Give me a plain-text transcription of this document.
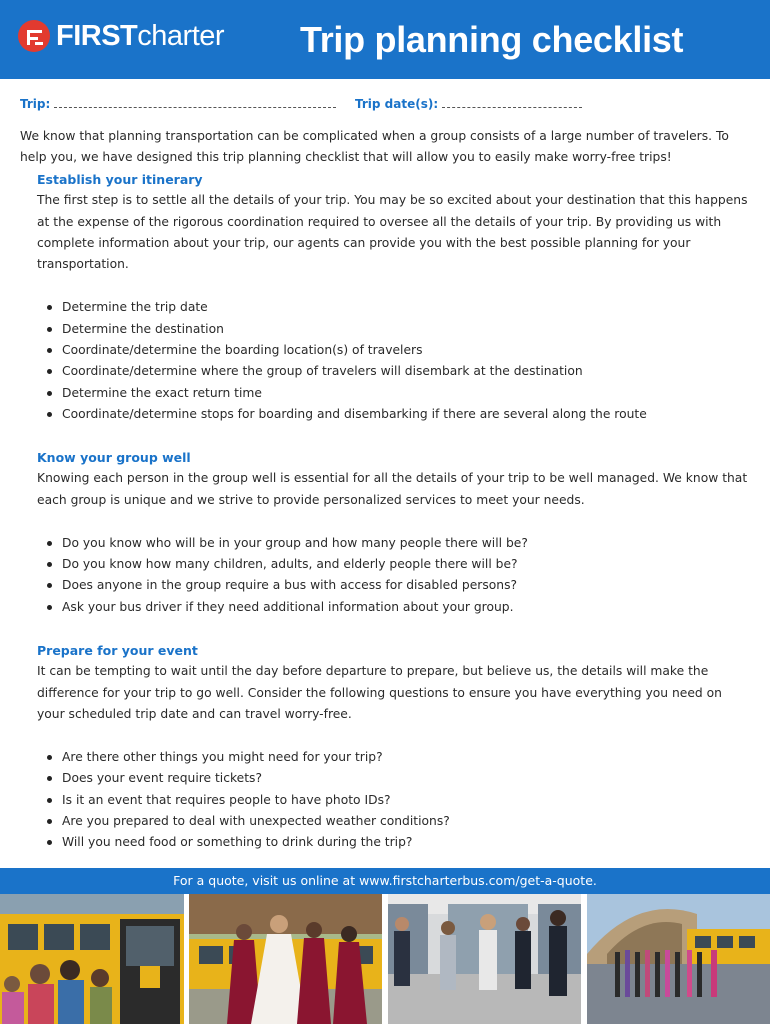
FIRSTcharter Trip planning checklist
Trip:	Trip date(s):

We know that planning transportation can be complicated when a group consists of a large number of travelers. To help you, we have designed this trip planning checklist that will allow you to easily make worry-free trips!

Establish your itinerary

The first step is to settle all the details of your trip. You may be so excited about your destination that this happens at the expense of the rigorous coordination required to oversee all the details of your trip. By providing us with complete information about your trip, our agents can provide you with the best possible planning for your transportation.

Determine the trip date
Determine the destination
Coordinate/determine the boarding location(s) of travelers
Coordinate/determine where the group of travelers will disembark at the destination
Determine the exact return time
Coordinate/determine stops for boarding and disembarking if there are several along the route
Know your group well

Knowing each person in the group well is essential for all the details of your trip to be well managed. We know that each group is unique and we strive to provide personalized services to meet your needs.

Do you know who will be in your group and how many people there will be?
Do you know how many children, adults, and elderly people there will be?
Does anyone in the group require a bus with access for disabled persons?
Ask your bus driver if they need additional information about your group.
Prepare for your event

It can be tempting to wait until the day before departure to prepare, but believe us, the details will make the difference for your trip to go well. Consider the following questions to ensure you have everything you need on your scheduled trip date and can travel worry-free.

Are there other things you might need for your trip?
Does your event require tickets?
Is it an event that requires people to have photo IDs?
Are you prepared to deal with unexpected weather conditions?
Will you need food or something to drink during the trip?
For a quote, visit us online at www.firstcharterbus.com/get-a-quote.
